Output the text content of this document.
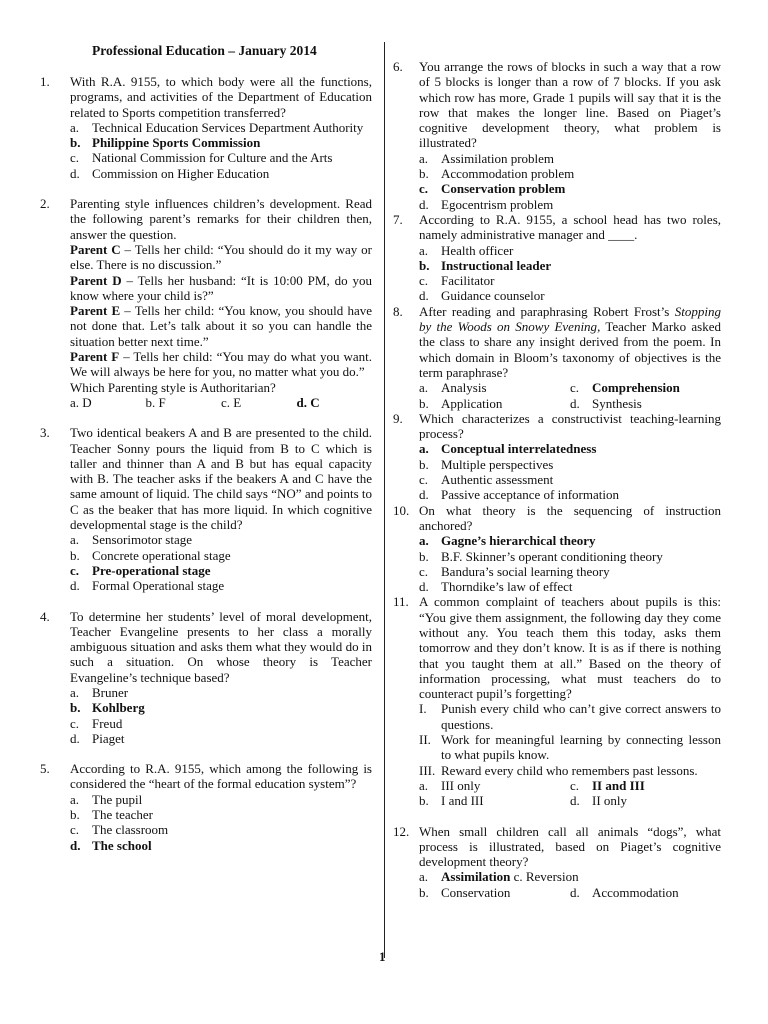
Professional Education – January 2014
1. With R.A. 9155, to which body were all the functions, programs, and activities of the Department of Education related to Sports competition transferred?
a. Technical Education Services Department Authority
b. Philippine Sports Commission
c. National Commission for Culture and the Arts
d. Commission on Higher Education
2. Parenting style influences children’s development. Read the following parent’s remarks for their children then, answer the question.
Parent C – Tells her child: “You should do it my way or else. There is no discussion.”
Parent D – Tells her husband: “It is 10:00 PM, do you know where your child is?”
Parent E – Tells her child: “You know, you should have not done that. Let’s talk about it so you can handle the situation better next time.”
Parent F – Tells her child: “You may do what you want. We will always be here for you, no matter what you do.”
Which Parenting style is Authoritarian?
a. D	b. F	c. E	d. C
3. Two identical beakers A and B are presented to the child. Teacher Sonny pours the liquid from B to C which is taller and thinner than A and B but has equal capacity with B. The teacher asks if the beakers A and C have the same amount of liquid. The child says “NO” and points to C as the beaker that has more liquid. In which cognitive developmental stage is the child?
a. Sensorimotor stage
b. Concrete operational stage
c. Pre-operational stage
d. Formal Operational stage
4. To determine her students’ level of moral development, Teacher Evangeline presents to her class a morally ambiguous situation and asks them what they would do in such a situation. On whose theory is Teacher Evangeline’s technique based?
a. Bruner
b. Kohlberg
c. Freud
d. Piaget
5. According to R.A. 9155, which among the following is considered the “heart of the formal education system”?
a. The pupil
b. The teacher
c. The classroom
d. The school
6. You arrange the rows of blocks in such a way that a row of 5 blocks is longer than a row of 7 blocks. If you ask which row has more, Grade 1 pupils will say that it is the row that makes the longer line. Based on Piaget’s cognitive development theory, what problem is illustrated?
a. Assimilation problem
b. Accommodation problem
c. Conservation problem
d. Egocentrism problem
7. According to R.A. 9155, a school head has two roles, namely administrative manager and ____.
a. Health officer
b. Instructional leader
c. Facilitator
d. Guidance counselor
8. After reading and paraphrasing Robert Frost’s Stopping by the Woods on Snowy Evening, Teacher Marko asked the class to share any insight derived from the poem. In which domain in Bloom’s taxonomy of objectives is the term paraphrase?
a. Analysis	c. Comprehension
b. Application	d. Synthesis
9. Which characterizes a constructivist teaching-learning process?
a. Conceptual interrelatedness
b. Multiple perspectives
c. Authentic assessment
d. Passive acceptance of information
10. On what theory is the sequencing of instruction anchored?
a. Gagne’s hierarchical theory
b. B.F. Skinner’s operant conditioning theory
c. Bandura’s social learning theory
d. Thorndike’s law of effect
11. A common complaint of teachers about pupils is this: “You give them assignment, the following day they come without any. You teach them this today, asks them tomorrow and they don’t know. It is as if there is nothing that you taught them at all.” Based on the theory of information processing, what must teachers do to counteract pupil’s forgetting?
I. Punish every child who can’t give correct answers to questions.
II. Work for meaningful learning by connecting lesson to what pupils know.
III. Reward every child who remembers past lessons.
a. III only	c. II and III
b. I and III	d. II only
12. When small children call all animals “dogs”, what process is illustrated, based on Piaget’s cognitive development theory?
a. Assimilation c. Reversion
b. Conservation	d. Accommodation
1
